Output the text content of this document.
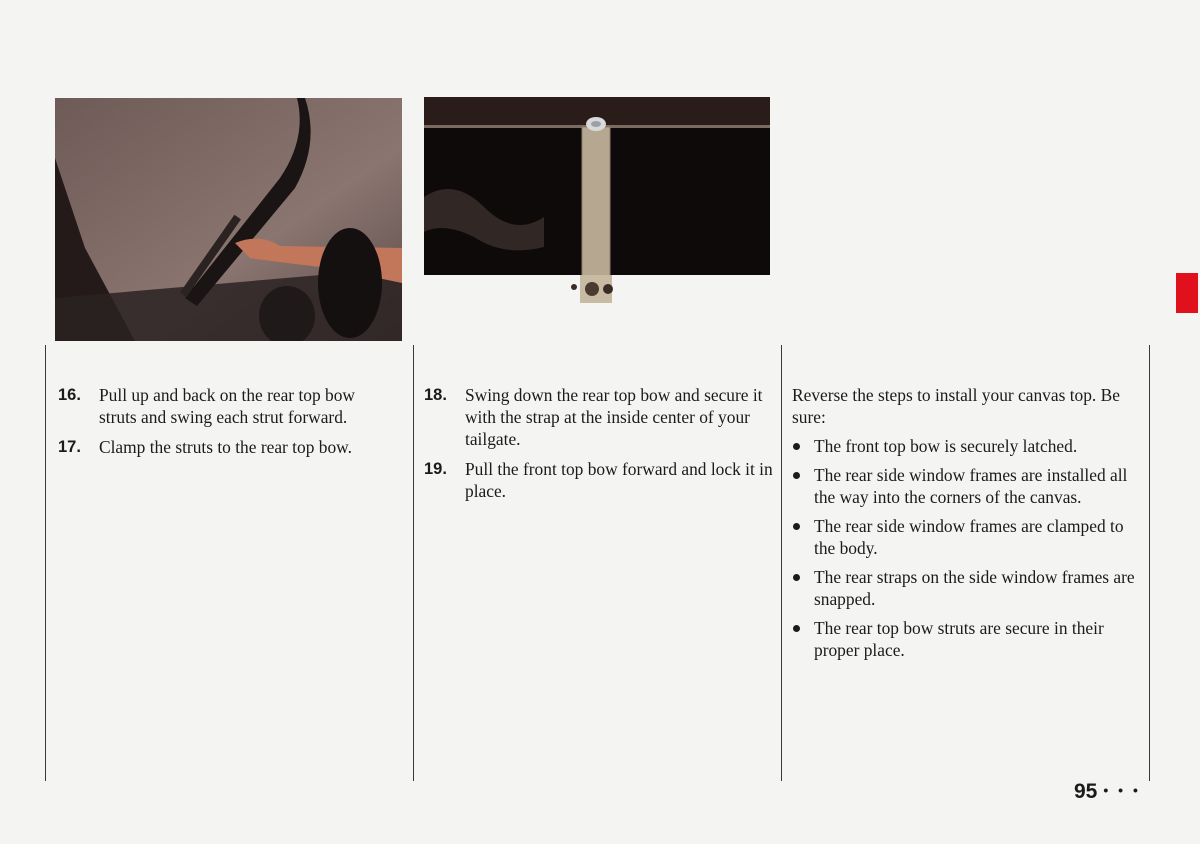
16.	Pull up and back on the rear top bow struts and swing each strut forward.
17.	Clamp the struts to the rear top bow.
18.	Swing down the rear top bow and secure it with the strap at the inside center of your tailgate.
19.	Pull the front top bow forward and lock it in place.

Reverse the steps to install your canvas top. Be sure:

The front top bow is securely latched.
The rear side window frames are installed all the way into the corners of the canvas.
The rear side window frames are clamped to the body.
The rear straps on the side window frames are snapped.
The rear top bow struts are secure in their proper place.
95 • • •
